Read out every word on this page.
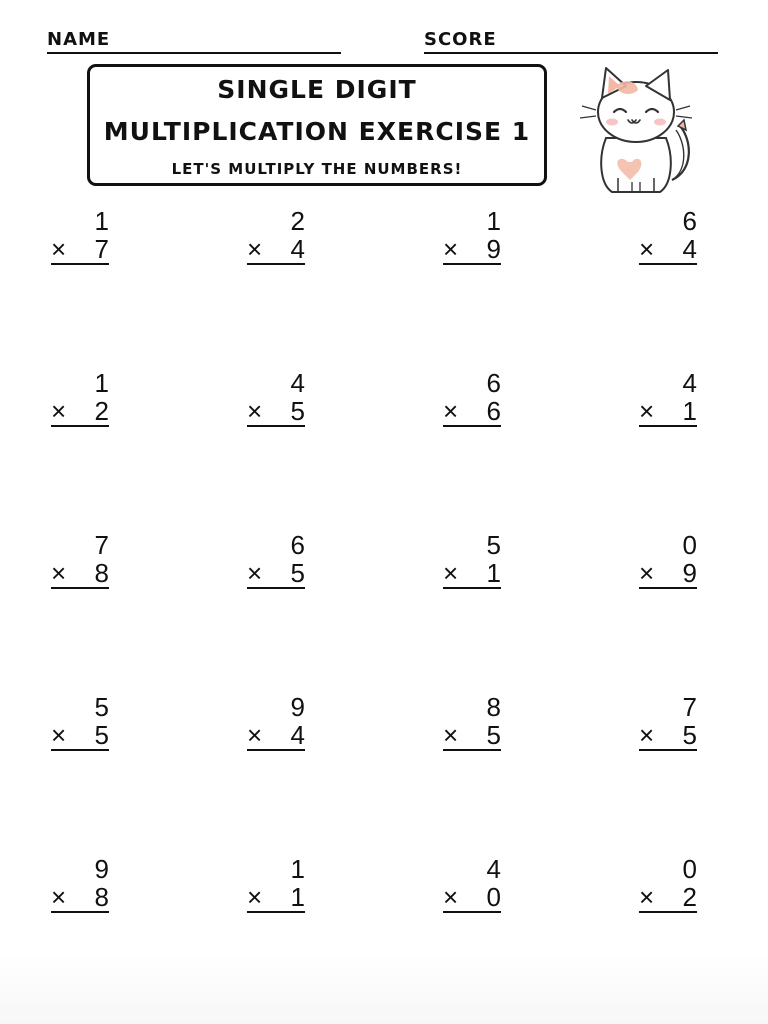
NAME	SCORE
SINGLE DIGIT
MULTIPLICATION EXERCISE 1
LET'S MULTIPLY THE NUMBERS!
1
× 7
2
× 4
1
× 9
6
× 4
1
× 2
4
× 5
6
× 6
4
× 1
7
× 8
6
× 5
5
× 1
0
× 9
5
× 5
9
× 4
8
× 5
7
× 5
9
× 8
1
× 1
4
× 0
0
× 2
